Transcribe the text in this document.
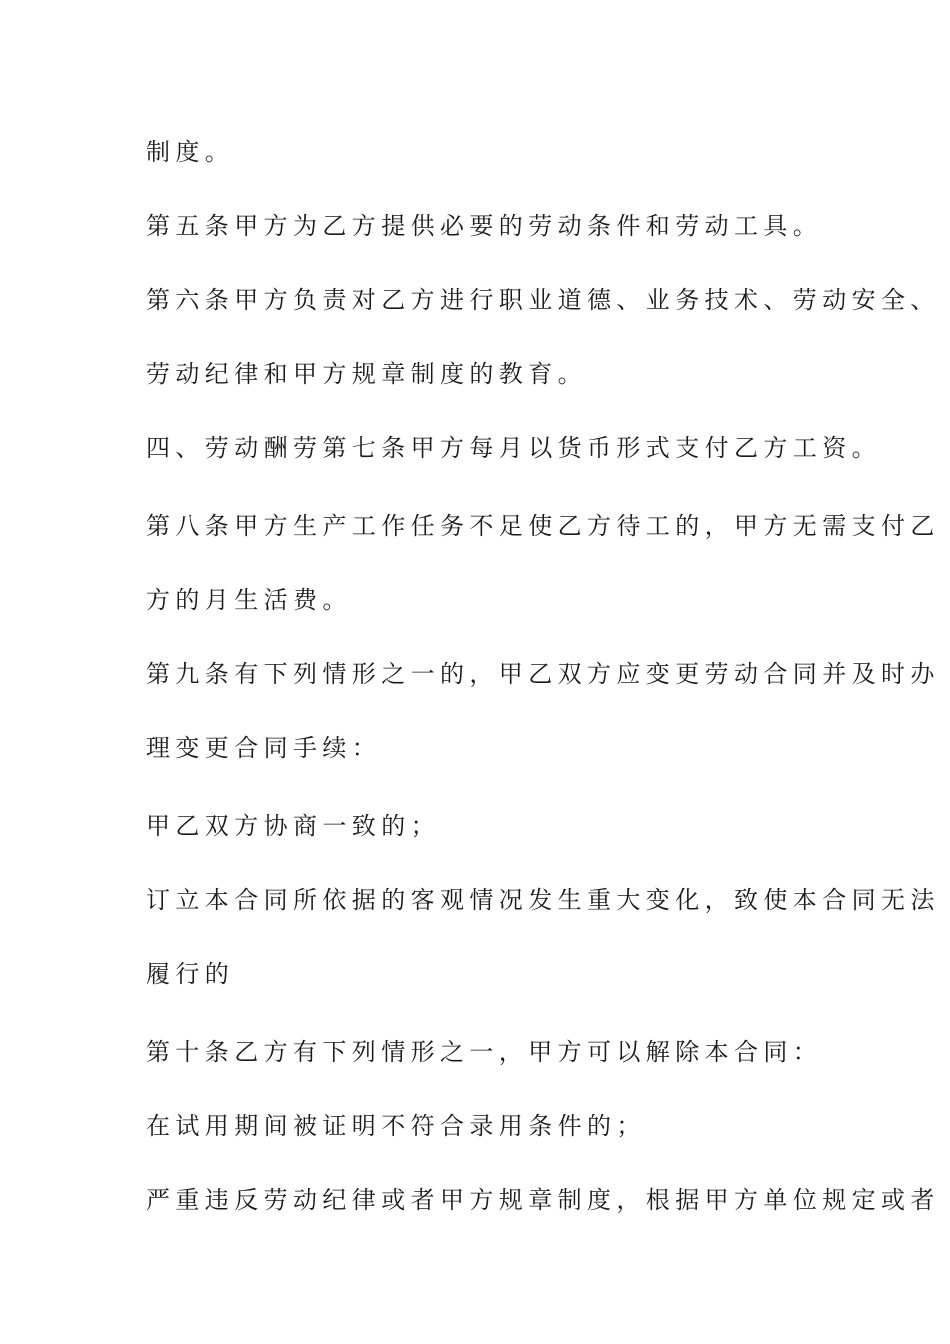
制度。

第五条甲方为乙方提供必要的劳动条件和劳动工具。

第六条甲方负责对乙方进行职业道德、业务技术、劳动安全、

劳动纪律和甲方规章制度的教育。

四、劳动酬劳第七条甲方每月以货币形式支付乙方工资。

第八条甲方生产工作任务不足使乙方待工的，甲方无需支付乙

方的月生活费。

第九条有下列情形之一的，甲乙双方应变更劳动合同并及时办

理变更合同手续：

甲乙双方协商一致的；

订立本合同所依据的客观情况发生重大变化，致使本合同无法

履行的

第十条乙方有下列情形之一，甲方可以解除本合同：

在试用期间被证明不符合录用条件的；

严重违反劳动纪律或者甲方规章制度，根据甲方单位规定或者
